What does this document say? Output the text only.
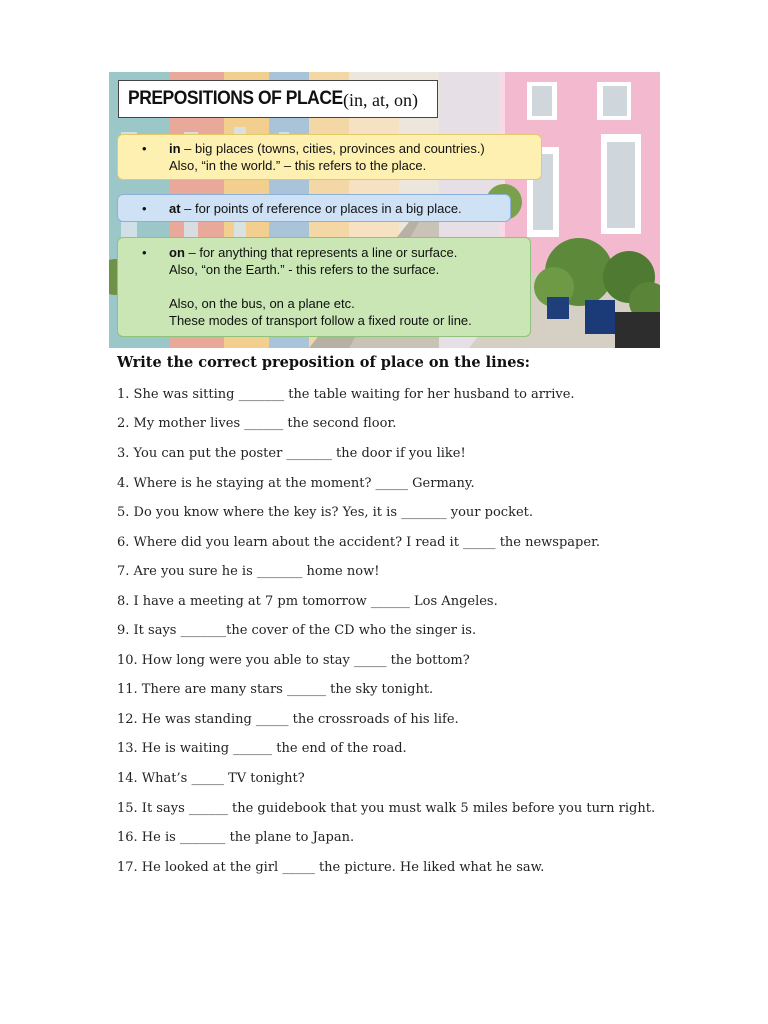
PREPOSITIONS OF PLACE (in, at, on)
• in – big places (towns, cities, provinces and countries.)
Also, “in the world.” – this refers to the place.
• at – for points of reference or places in a big place.
• on – for anything that represents a line or surface.
Also, “on the Earth.” - this refers to the surface.
Also, on the bus, on a plane etc.
These modes of transport follow a fixed route or line.
Write the correct preposition of place on the lines:
1. She was sitting _______ the table waiting for her husband to arrive.
2. My mother lives ______ the second floor.
3. You can put the poster _______ the door if you like!
4. Where is he staying at the moment? _____ Germany.
5. Do you know where the key is? Yes, it is _______ your pocket.
6. Where did you learn about the accident? I read it _____ the newspaper.
7. Are you sure he is _______ home now!
8. I have a meeting at 7 pm tomorrow ______ Los Angeles.
9. It says _______the cover of the CD who the singer is.
10. How long were you able to stay _____ the bottom?
11. There are many stars ______ the sky tonight.
12. He was standing _____ the crossroads of his life.
13. He is waiting ______ the end of the road.
14. What’s _____ TV tonight?
15. It says ______ the guidebook that you must walk 5 miles before you turn right.
16. He is _______ the plane to Japan.
17. He looked at the girl _____ the picture. He liked what he saw.
